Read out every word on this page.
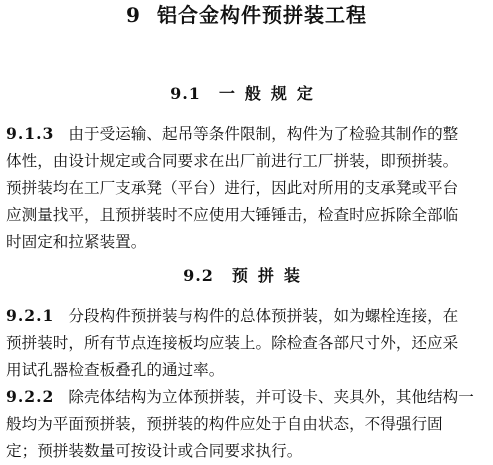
9 铝合金构件预拼装工程
9.1 一般规定
9.1.3 由于受运输、起吊等条件限制，构件为了检验其制作的整
体性，由设计规定或合同要求在出厂前进行工厂拼装，即预拼装。
预拼装均在工厂支承凳（平台）进行，因此对所用的支承凳或平台
应测量找平，且预拼装时不应使用大锤锤击，检查时应拆除全部临
时固定和拉紧装置。
9.2 预拼装
9.2.1 分段构件预拼装与构件的总体预拼装，如为螺栓连接，在
预拼装时，所有节点连接板均应装上。除检查各部尺寸外，还应采
用试孔器检查板叠孔的通过率。
9.2.2 除壳体结构为立体预拼装，并可设卡、夹具外，其他结构一
般均为平面预拼装，预拼装的构件应处于自由状态，不得强行固
定；预拼装数量可按设计或合同要求执行。
